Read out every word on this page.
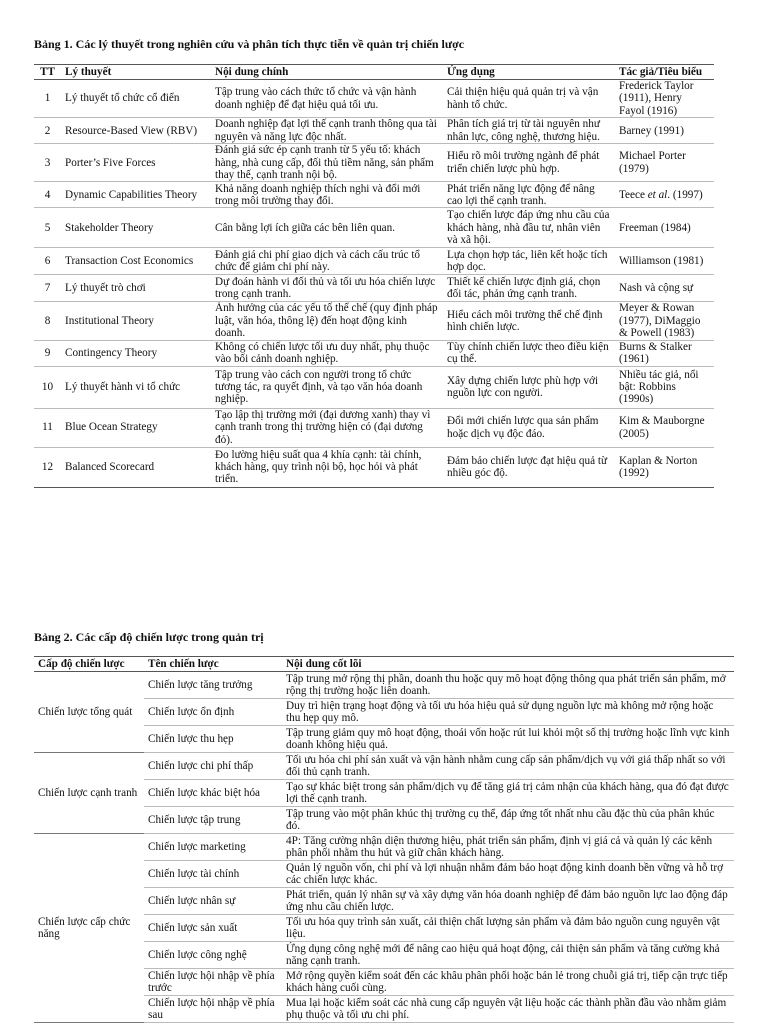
Bảng 1. Các lý thuyết trong nghiên cứu và phân tích thực tiễn về quản trị chiến lược
TT	Lý thuyết	Nội dung chính	Ứng dụng	Tác giả/Tiêu biểu
1	Lý thuyết tổ chức cổ điển	Tập trung vào cách thức tổ chức và vận hành doanh nghiệp để đạt hiệu quả tối ưu.	Cải thiện hiệu quả quản trị và vận hành tổ chức.	Frederick Taylor (1911), Henry Fayol (1916)
2	Resource-Based View (RBV)	Doanh nghiệp đạt lợi thế cạnh tranh thông qua tài nguyên và năng lực độc nhất.	Phân tích giá trị từ tài nguyên như nhân lực, công nghệ, thương hiệu.	Barney (1991)
3	Porter’s Five Forces	Đánh giá sức ép cạnh tranh từ 5 yếu tố: khách hàng, nhà cung cấp, đối thủ tiềm năng, sản phẩm thay thế, cạnh tranh nội bộ.	Hiểu rõ môi trường ngành để phát triển chiến lược phù hợp.	Michael Porter (1979)
4	Dynamic Capabilities Theory	Khả năng doanh nghiệp thích nghi và đổi mới trong môi trường thay đổi.	Phát triển năng lực động để nâng cao lợi thế cạnh tranh.	Teece et al. (1997)
5	Stakeholder Theory	Cân bằng lợi ích giữa các bên liên quan.	Tạo chiến lược đáp ứng nhu cầu của khách hàng, nhà đầu tư, nhân viên và xã hội.	Freeman (1984)
6	Transaction Cost Economics	Đánh giá chi phí giao dịch và cách cấu trúc tổ chức để giảm chi phí này.	Lựa chọn hợp tác, liên kết hoặc tích hợp dọc.	Williamson (1981)
7	Lý thuyết trò chơi	Dự đoán hành vi đối thủ và tối ưu hóa chiến lược trong cạnh tranh.	Thiết kế chiến lược định giá, chọn đối tác, phản ứng cạnh tranh.	Nash và cộng sự
8	Institutional Theory	Ảnh hưởng của các yếu tố thể chế (quy định pháp luật, văn hóa, thông lệ) đến hoạt động kinh doanh.	Hiểu cách môi trường thể chế định hình chiến lược.	Meyer & Rowan (1977), DiMaggio & Powell (1983)
9	Contingency Theory	Không có chiến lược tối ưu duy nhất, phụ thuộc vào bối cảnh doanh nghiệp.	Tùy chỉnh chiến lược theo điều kiện cụ thể.	Burns & Stalker (1961)
10	Lý thuyết hành vi tổ chức	Tập trung vào cách con người trong tổ chức tương tác, ra quyết định, và tạo văn hóa doanh nghiệp.	Xây dựng chiến lược phù hợp với nguồn lực con người.	Nhiều tác giả, nổi bật: Robbins (1990s)
11	Blue Ocean Strategy	Tạo lập thị trường mới (đại dương xanh) thay vì cạnh tranh trong thị trường hiện có (đại dương đỏ).	Đổi mới chiến lược qua sản phẩm hoặc dịch vụ độc đáo.	Kim & Mauborgne (2005)
12	Balanced Scorecard	Đo lường hiệu suất qua 4 khía cạnh: tài chính, khách hàng, quy trình nội bộ, học hỏi và phát triển.	Đảm bảo chiến lược đạt hiệu quả từ nhiều góc độ.	Kaplan & Norton (1992)
Bảng 2. Các cấp độ chiến lược trong quản trị
Cấp độ chiến lược	Tên chiến lược	Nội dung cốt lõi
Chiến lược tổng quát	Chiến lược tăng trưởng	Tập trung mở rộng thị phần, doanh thu hoặc quy mô hoạt động thông qua phát triển sản phẩm, mở rộng thị trường hoặc liên doanh.
	Chiến lược ổn định	Duy trì hiện trạng hoạt động và tối ưu hóa hiệu quả sử dụng nguồn lực mà không mở rộng hoặc thu hẹp quy mô.
	Chiến lược thu hẹp	Tập trung giảm quy mô hoạt động, thoái vốn hoặc rút lui khỏi một số thị trường hoặc lĩnh vực kinh doanh không hiệu quả.
Chiến lược cạnh tranh	Chiến lược chi phí thấp	Tối ưu hóa chi phí sản xuất và vận hành nhằm cung cấp sản phẩm/dịch vụ với giá thấp nhất so với đối thủ cạnh tranh.
	Chiến lược khác biệt hóa	Tạo sự khác biệt trong sản phẩm/dịch vụ để tăng giá trị cảm nhận của khách hàng, qua đó đạt được lợi thế cạnh tranh.
	Chiến lược tập trung	Tập trung vào một phân khúc thị trường cụ thể, đáp ứng tốt nhất nhu cầu đặc thù của phân khúc đó.
Chiến lược cấp chức năng	Chiến lược marketing	4P: Tăng cường nhận diện thương hiệu, phát triển sản phẩm, định vị giá cả và quản lý các kênh phân phối nhằm thu hút và giữ chân khách hàng.
	Chiến lược tài chính	Quản lý nguồn vốn, chi phí và lợi nhuận nhằm đảm bảo hoạt động kinh doanh bền vững và hỗ trợ các chiến lược khác.
	Chiến lược nhân sự	Phát triển, quản lý nhân sự và xây dựng văn hóa doanh nghiệp để đảm bảo nguồn lực lao động đáp ứng nhu cầu chiến lược.
	Chiến lược sản xuất	Tối ưu hóa quy trình sản xuất, cải thiện chất lượng sản phẩm và đảm bảo nguồn cung nguyên vật liệu.
	Chiến lược công nghệ	Ứng dụng công nghệ mới để nâng cao hiệu quả hoạt động, cải thiện sản phẩm và tăng cường khả năng cạnh tranh.
	Chiến lược hội nhập về phía trước	Mở rộng quyền kiểm soát đến các khâu phân phối hoặc bán lẻ trong chuỗi giá trị, tiếp cận trực tiếp khách hàng cuối cùng.
	Chiến lược hội nhập về phía sau	Mua lại hoặc kiểm soát các nhà cung cấp nguyên vật liệu hoặc các thành phần đầu vào nhằm giảm phụ thuộc và tối ưu chi phí.
